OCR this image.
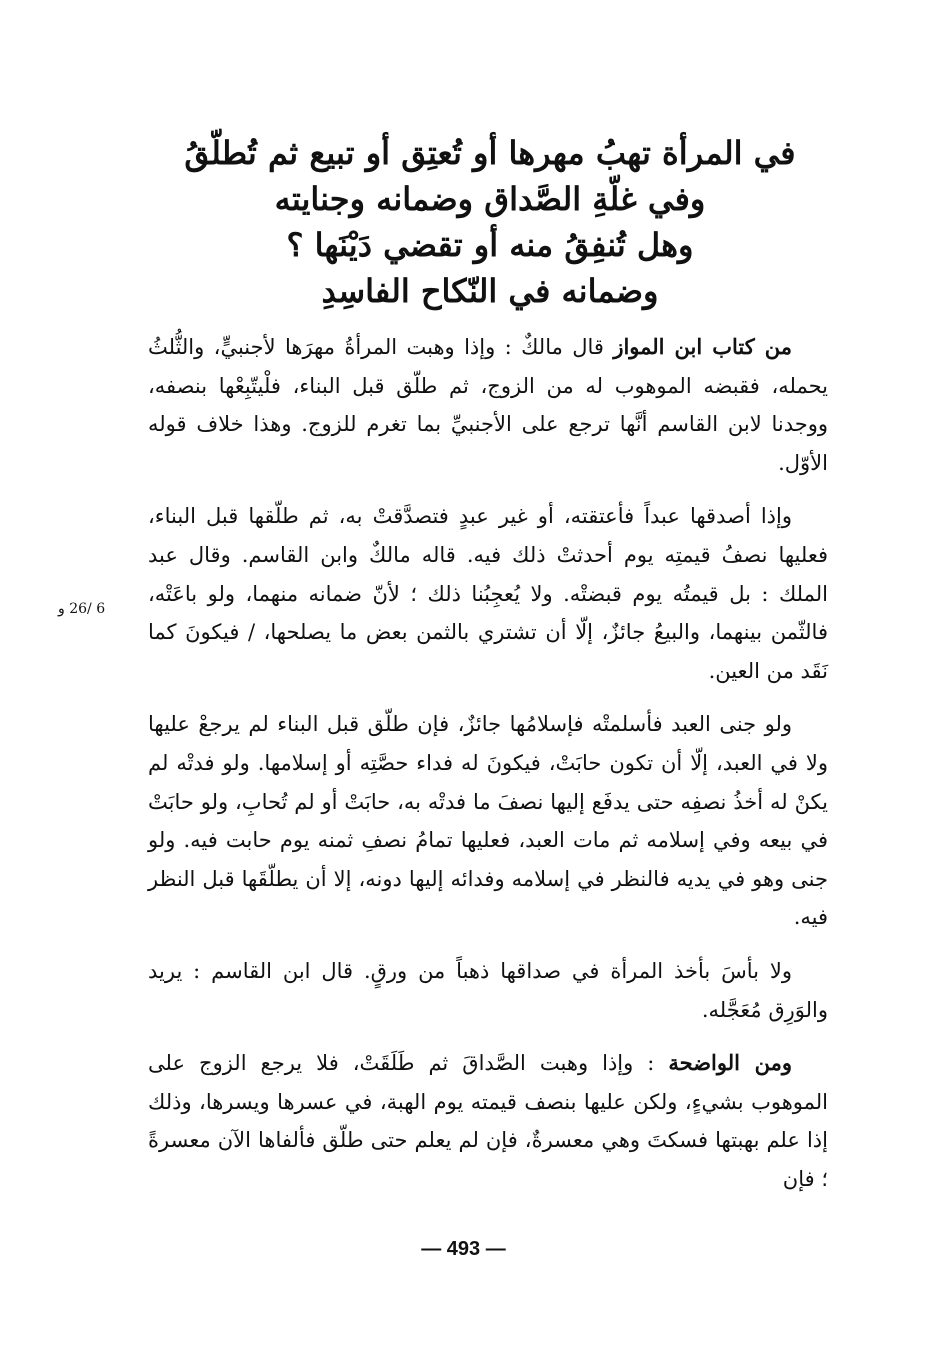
في المرأة تهبُ مهرها أو تُعتِق أو تبيع ثم تُطلّقُ
وفي غلّةِ الصَّداق وضمانه وجنايته
وهل تُنفِقُ منه أو تقضي دَيْنَها ؟
وضمانه في النّكاح الفاسِدِ

من كتاب ابن المواز قال مالكٌ : وإذا وهبت المرأةُ مهرَها لأجنبيٍّ، والثُّلثُ يحمله، فقبضه الموهوب له من الزوج، ثم طلّق قبل البناء، فلْيتّبِعْها بنصفه، ووجدنا لابن القاسم أنَّها ترجع على الأجنبيِّ بما تغرم للزوج. وهذا خلاف قوله الأوّل.

وإذا أصدقها عبداً فأعتقته، أو غير عبدٍ فتصدَّقتْ به، ثم طلّقها قبل البناء، فعليها نصفُ قيمتِه يوم أحدثتْ ذلك فيه. قاله مالكٌ وابن القاسم. وقال عبد الملك : بل قيمتُه يوم قبضتْه. ولا يُعجِبُنا ذلك ؛ لأنّ ضمانه منهما، ولو باعَتْه، فالثّمن بينهما، والبيعُ جائزٌ، إلّا أن تشتري بالثمن بعض ما يصلحها، / فيكونَ كما نَقَد من العين.

ولو جنى العبد فأسلمتْه فإسلامُها جائزٌ، فإن طلّق قبل البناء لم يرجعْ عليها ولا في العبد، إلّا أن تكون حابَتْ، فيكونَ له فداء حصَّتِه أو إسلامها. ولو فدتْه لم يكنْ له أخذُ نصفِه حتى يدفَع إليها نصفَ ما فدتْه به، حابَتْ أو لم تُحابِ، ولو حابَتْ في بيعه وفي إسلامه ثم مات العبد، فعليها تمامُ نصفِ ثمنه يوم حابت فيه. ولو جنى وهو في يديه فالنظر في إسلامه وفدائه إليها دونه، إلا أن يطلّقَها قبل النظر فيه.

ولا بأسَ بأخذ المرأة في صداقها ذهباً من ورقٍ. قال ابن القاسم : يريد والوَرِق مُعَجَّله.

ومن الواضحة : وإذا وهبت الصَّداقَ ثم طَلَقَتْ، فلا يرجع الزوج على الموهوب بشيءٍ، ولكن عليها بنصف قيمته يوم الهبة، في عسرها ويسرها، وذلك إذا علم بهبتها فسكتَ وهي معسرةٌ، فإن لم يعلم حتى طلّق فألفاها الآن معسرةً ؛ فإن

6 /26 و
— 493 —
